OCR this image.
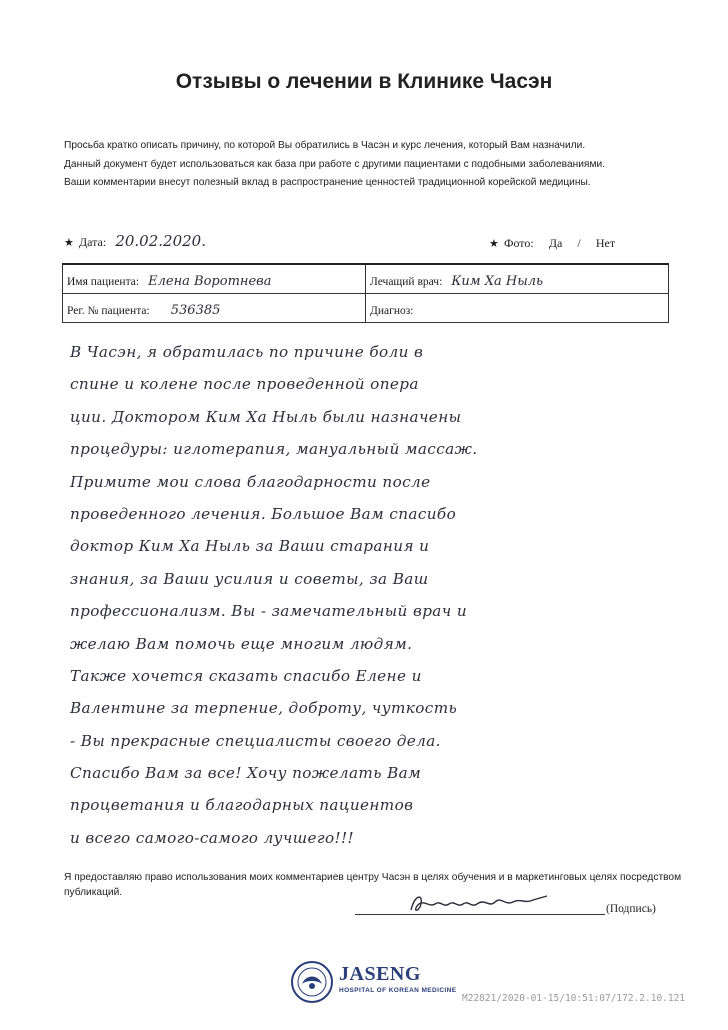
Отзывы о лечении в Клинике Часэн
Просьба кратко описать причину, по которой Вы обратились в Часэн и курс лечения, который Вам назначили.
Данный документ будет использоваться как база при работе с другими пациентами с подобными заболеваниями.
Ваши комментарии внесут полезный вклад в распространение ценностей традиционной корейской медицины.
★ Дата: 20.02.2020.	★ Фото: Да / Нет
Имя пациента: Елена Воротнева	Лечащий врач: Ким Ха Ныль
Рег. № пациента: 536385	Диагноз:
В Часэн, я обратилась по причине боли в
спине и колене после проведенной опера
ции. Доктором Ким Ха Ныль были назначены
процедуры: иглотерапия, мануальный массаж.
Примите мои слова благодарности после
проведенного лечения. Большое Вам спасибо
доктор Ким Ха Ныль за Ваши старания и
знания, за Ваши усилия и советы, за Ваш
профессионализм. Вы - замечательный врач и
желаю Вам помочь еще многим людям.
Также хочется сказать спасибо Елене и
Валентине за терпение, доброту, чуткость
- Вы прекрасные специалисты своего дела.
Спасибо Вам за все! Хочу пожелать Вам
процветания и благодарных пациентов
и всего самого-самого лучшего!!!
Я предоставляю право использования моих комментариев центру Часэн в целях обучения и в маркетинговых целях посредством публикаций.
(Подпись)
JASENG
HOSPITAL OF KOREAN MEDICINE
M22821/2020-01-15/10:51:07/172.2.10.121
